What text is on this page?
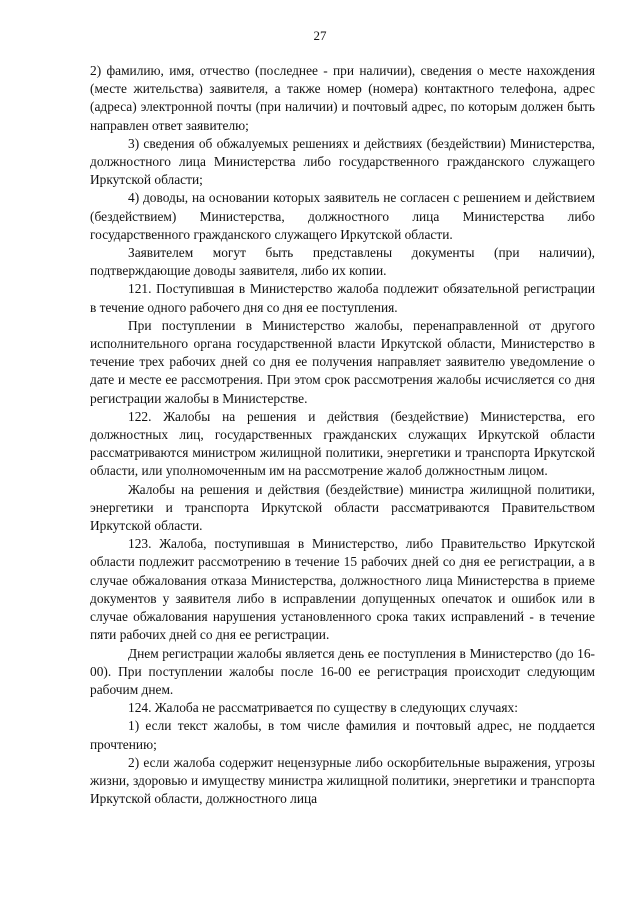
27

2) фамилию, имя, отчество (последнее - при наличии), сведения о месте нахождения (месте жительства) заявителя, а также номер (номера) контактного телефона, адрес (адреса) электронной почты (при наличии) и почтовый адрес, по которым должен быть направлен ответ заявителю;

3) сведения об обжалуемых решениях и действиях (бездействии) Министерства, должностного лица Министерства либо государственного гражданского служащего Иркутской области;

4) доводы, на основании которых заявитель не согласен с решением и действием (бездействием) Министерства, должностного лица Министерства либо государственного гражданского служащего Иркутской области.

Заявителем могут быть представлены документы (при наличии), подтверждающие доводы заявителя, либо их копии.

121. Поступившая в Министерство жалоба подлежит обязательной регистрации в течение одного рабочего дня со дня ее поступления.

При поступлении в Министерство жалобы, перенаправленной от другого исполнительного органа государственной власти Иркутской области, Министерство в течение трех рабочих дней со дня ее получения направляет заявителю уведомление о дате и месте ее рассмотрения. При этом срок рассмотрения жалобы исчисляется со дня регистрации жалобы в Министерстве.

122. Жалобы на решения и действия (бездействие) Министерства, его должностных лиц, государственных гражданских служащих Иркутской области рассматриваются министром жилищной политики, энергетики и транспорта Иркутской области, или уполномоченным им на рассмотрение жалоб должностным лицом.

Жалобы на решения и действия (бездействие) министра жилищной политики, энергетики и транспорта Иркутской области рассматриваются Правительством Иркутской области.

123. Жалоба, поступившая в Министерство, либо Правительство Иркутской области подлежит рассмотрению в течение 15 рабочих дней со дня ее регистрации, а в случае обжалования отказа Министерства, должностного лица Министерства в приеме документов у заявителя либо в исправлении допущенных опечаток и ошибок или в случае обжалования нарушения установленного срока таких исправлений - в течение пяти рабочих дней со дня ее регистрации.

Днем регистрации жалобы является день ее поступления в Министерство (до 16-00). При поступлении жалобы после 16-00 ее регистрация происходит следующим рабочим днем.

124. Жалоба не рассматривается по существу в следующих случаях:

1) если текст жалобы, в том числе фамилия и почтовый адрес, не поддается прочтению;

2) если жалоба содержит нецензурные либо оскорбительные выражения, угрозы жизни, здоровью и имуществу министра жилищной политики, энергетики и транспорта Иркутской области, должностного лица
